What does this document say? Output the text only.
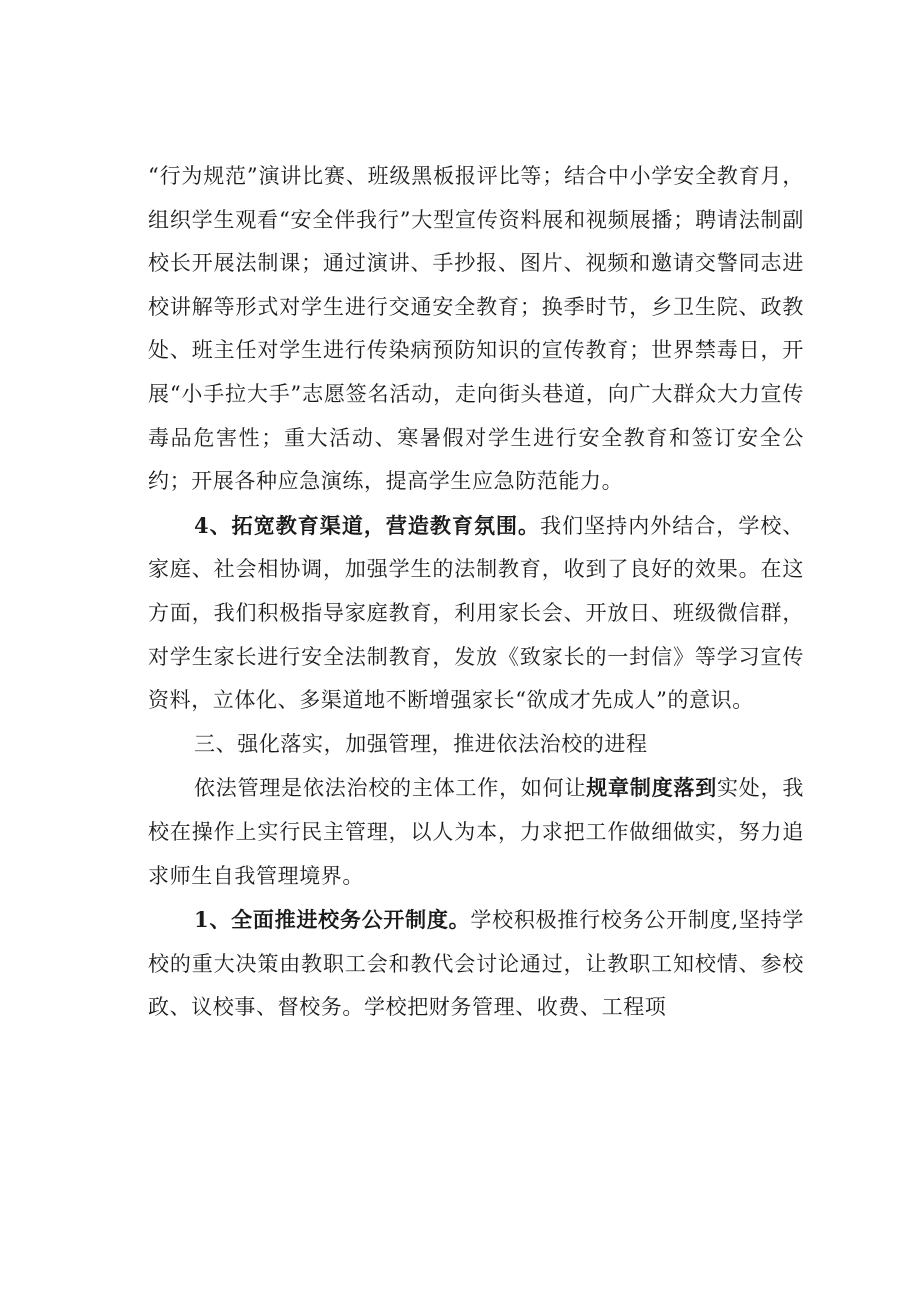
“行为规范”演讲比赛、班级黑板报评比等；结合中小学安全教育月，组织学生观看“安全伴我行”大型宣传资料展和视频展播；聘请法制副校长开展法制课；通过演讲、手抄报、图片、视频和邀请交警同志进校讲解等形式对学生进行交通安全教育；换季时节，乡卫生院、政教处、班主任对学生进行传染病预防知识的宣传教育；世界禁毒日，开展“小手拉大手”志愿签名活动，走向街头巷道，向广大群众大力宣传毒品危害性；重大活动、寒暑假对学生进行安全教育和签订安全公约；开展各种应急演练，提高学生应急防范能力。

4、拓宽教育渠道，营造教育氛围。我们坚持内外结合，学校、家庭、社会相协调，加强学生的法制教育，收到了良好的效果。在这方面，我们积极指导家庭教育，利用家长会、开放日、班级微信群，对学生家长进行安全法制教育，发放《致家长的一封信》等学习宣传资料，立体化、多渠道地不断增强家长“欲成才先成人”的意识。

三、强化落实，加强管理，推进依法治校的进程

依法管理是依法治校的主体工作，如何让规章制度落到实处，我校在操作上实行民主管理，以人为本，力求把工作做细做实，努力追求师生自我管理境界。

1、全面推进校务公开制度。学校积极推行校务公开制度,坚持学校的重大决策由教职工会和教代会讨论通过，让教职工知校情、参校政、议校事、督校务。学校把财务管理、收费、工程项
